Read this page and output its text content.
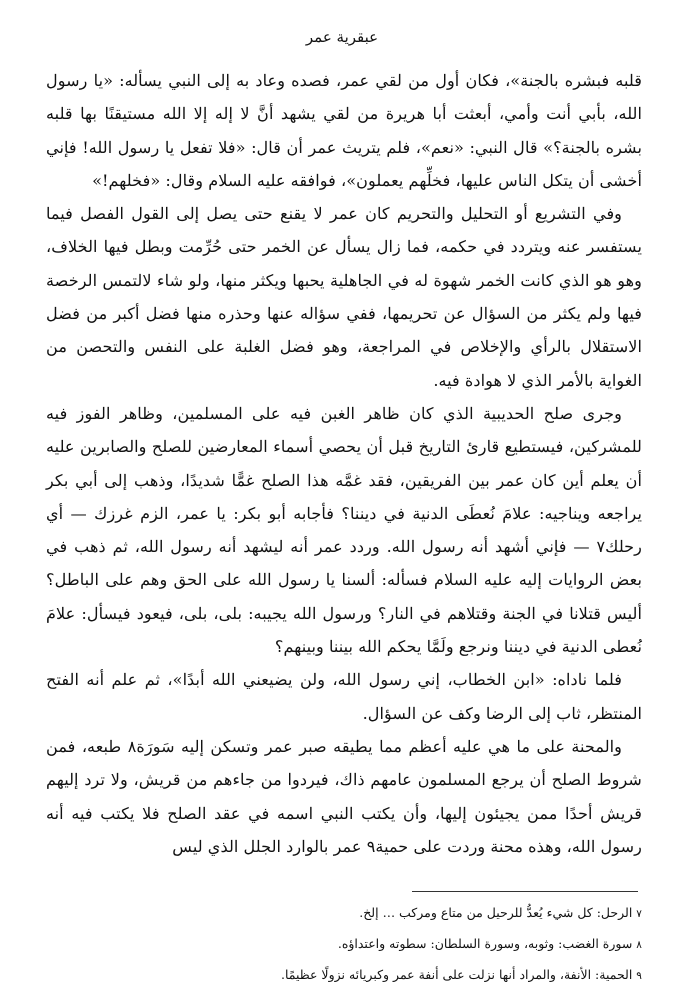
عبقرية عمر

قلبه فبشره بالجنة»، فكان أول من لقي عمر، فصده وعاد به إلى النبي يسأله: «يا رسول الله، بأبي أنت وأمي، أبعثت أبا هريرة من لقي يشهد أنَّ لا إله إلا الله مستيقنًا بها قلبه بشره بالجنة؟» قال النبي: «نعم»، فلم يتريث عمر أن قال: «فلا تفعل يا رسول الله! فإني أخشى أن يتكل الناس عليها، فخلِّهم يعملون»، فوافقه عليه السلام وقال: «فخلهم!»

وفي التشريع أو التحليل والتحريم كان عمر لا يقنع حتى يصل إلى القول الفصل فيما يستفسر عنه ويتردد في حكمه، فما زال يسأل عن الخمر حتى حُرِّمت وبطل فيها الخلاف، وهو هو الذي كانت الخمر شهوة له في الجاهلية يحبها ويكثر منها، ولو شاء لالتمس الرخصة فيها ولم يكثر من السؤال عن تحريمها، ففي سؤاله عنها وحذره منها فضل أكبر من فضل الاستقلال بالرأي والإخلاص في المراجعة، وهو فضل الغلبة على النفس والتحصن من الغواية بالأمر الذي لا هوادة فيه.

وجرى صلح الحديبية الذي كان ظاهر الغبن فيه على المسلمين، وظاهر الفوز فيه للمشركين، فيستطيع قارئ التاريخ قبل أن يحصي أسماء المعارضين للصلح والصابرين عليه أن يعلم أين كان عمر بين الفريقين، فقد غمَّه هذا الصلح غمًّا شديدًا، وذهب إلى أبي بكر يراجعه ويناجيه: علامَ نُعطَى الدنية في ديننا؟ فأجابه أبو بكر: يا عمر، الزم غرزك — أي رحلك٧ — فإني أشهد أنه رسول الله. وردد عمر أنه ليشهد أنه رسول الله، ثم ذهب في بعض الروايات إليه عليه السلام فسأله: ألسنا يا رسول الله على الحق وهم على الباطل؟ أليس قتلانا في الجنة وقتلاهم في النار؟ ورسول الله يجيبه: بلى، بلى، فيعود فيسأل: علامَ نُعطى الدنية في ديننا ونرجع ولَمَّا يحكم الله بيننا وبينهم؟

فلما ناداه: «ابن الخطاب، إني رسول الله، ولن يضيعني الله أبدًا»، ثم علم أنه الفتح المنتظر، ثاب إلى الرضا وكف عن السؤال.

والمحنة على ما هي عليه أعظم مما يطيقه صبر عمر وتسكن إليه سَورَة٨ طبعه، فمن شروط الصلح أن يرجع المسلمون عامهم ذاك، فيردوا من جاءهم من قريش، ولا ترد إليهم قريش أحدًا ممن يجيئون إليها، وأن يكتب النبي اسمه في عقد الصلح فلا يكتب فيه أنه رسول الله، وهذه محنة وردت على حمية٩ عمر بالوارد الجلل الذي ليس

٧ الرحل: كل شيء يُعدُّ للرحيل من متاع ومركب … إلخ.

٨ سورة الغضب: وثوبه، وسورة السلطان: سطوته واعتداؤه.

٩ الحمية: الأنفة، والمراد أنها نزلت على أنفة عمر وكبريائه نزولًا عظيمًا.
